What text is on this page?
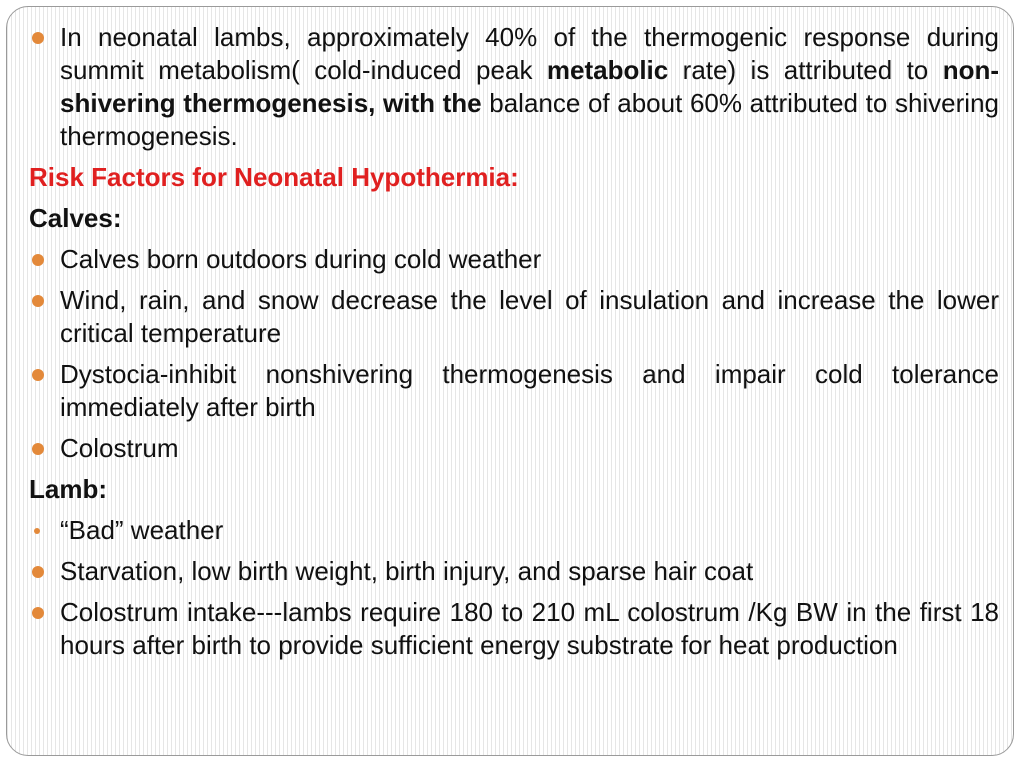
In neonatal lambs, approximately 40% of the thermogenic response during summit metabolism( cold-induced peak metabolic rate) is attributed to non-shivering thermogenesis, with the balance of about 60% attributed to shivering thermogenesis.
Risk Factors for Neonatal Hypothermia:
Calves:
Calves born outdoors during cold weather
Wind, rain, and snow decrease the level of insulation and increase the lower critical temperature
Dystocia-inhibit nonshivering thermogenesis and impair cold tolerance immediately after birth
Colostrum
Lamb:
“Bad” weather
Starvation, low birth weight, birth injury, and sparse hair coat
Colostrum intake---lambs require 180 to 210 mL colostrum /Kg BW in the first 18 hours after birth to provide sufficient energy substrate for heat production
